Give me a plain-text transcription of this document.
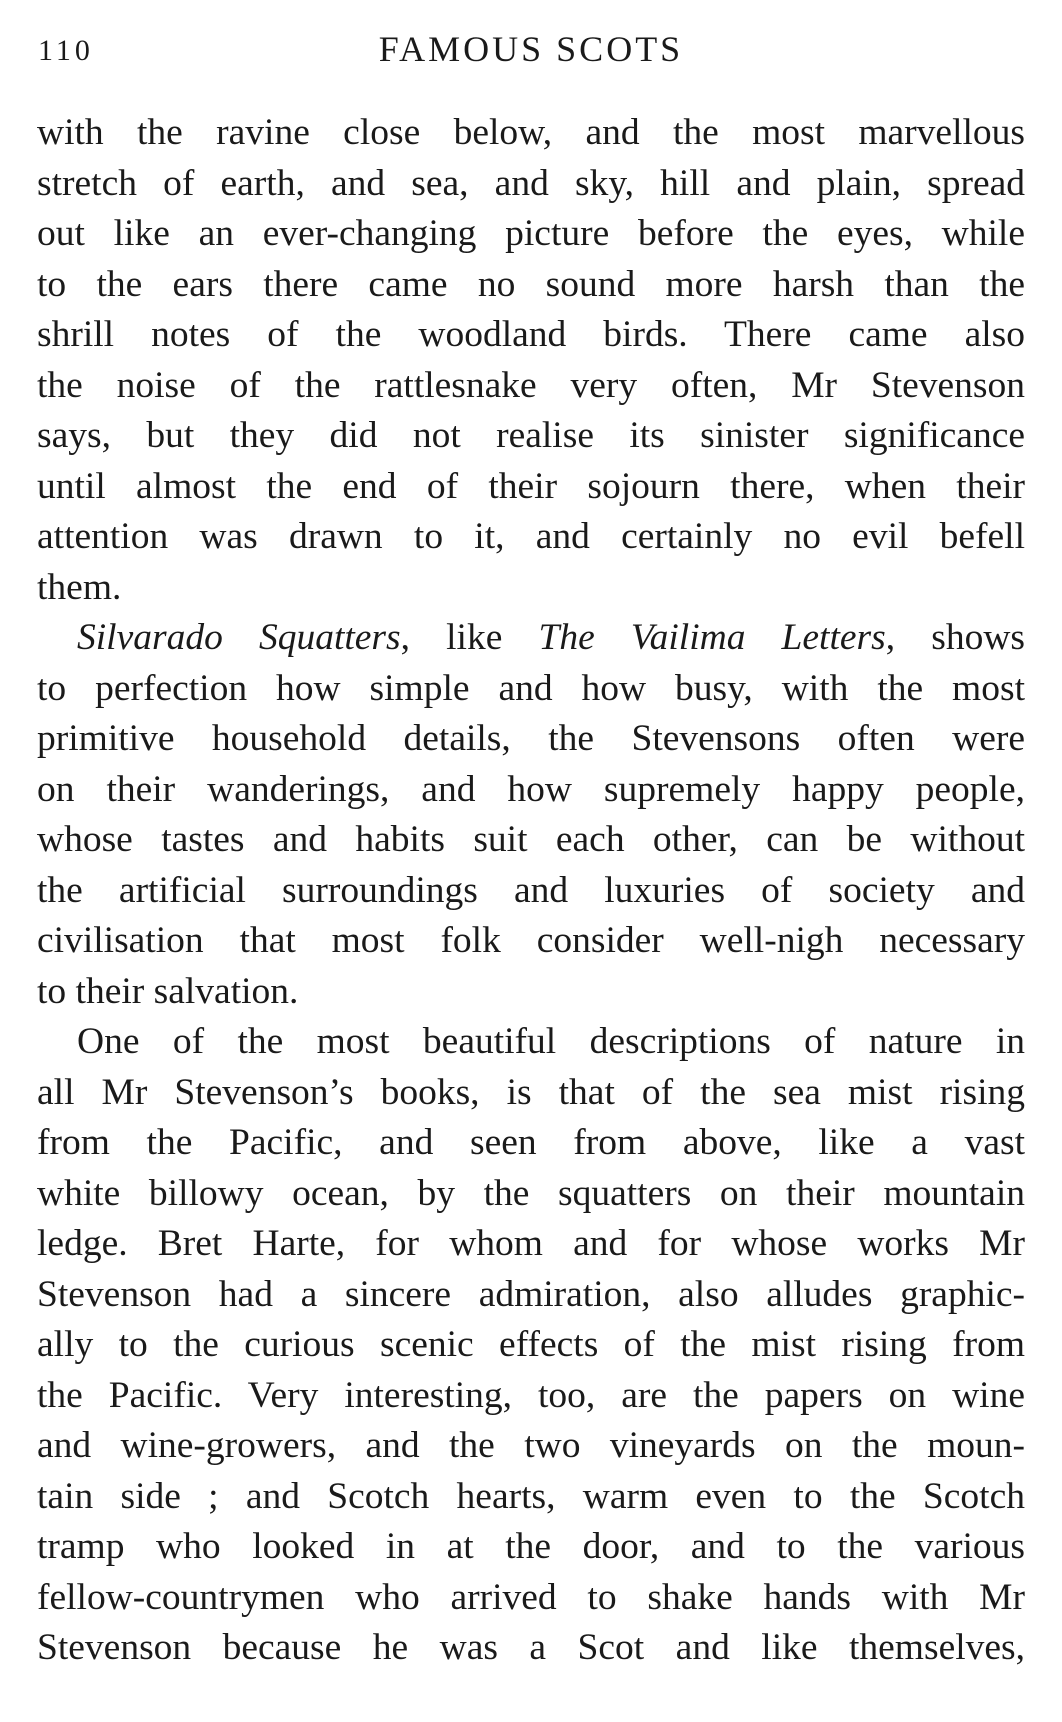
110	FAMOUS SCOTS
with the ravine close below, and the most marvellous
stretch of earth, and sea, and sky, hill and plain, spread
out like an ever-changing picture before the eyes, while
to the ears there came no sound more harsh than the
shrill notes of the woodland birds. There came also
the noise of the rattlesnake very often, Mr Stevenson
says, but they did not realise its sinister significance
until almost the end of their sojourn there, when their
attention was drawn to it, and certainly no evil befell
them.
Silvarado Squatters, like The Vailima Letters, shows
to perfection how simple and how busy, with the most
primitive household details, the Stevensons often were
on their wanderings, and how supremely happy people,
whose tastes and habits suit each other, can be without
the artificial surroundings and luxuries of society and
civilisation that most folk consider well-nigh necessary
to their salvation.
One of the most beautiful descriptions of nature in
all Mr Stevenson’s books, is that of the sea mist rising
from the Pacific, and seen from above, like a vast
white billowy ocean, by the squatters on their mountain
ledge. Bret Harte, for whom and for whose works Mr
Stevenson had a sincere admiration, also alludes graphic-
ally to the curious scenic effects of the mist rising from
the Pacific. Very interesting, too, are the papers on wine
and wine-growers, and the two vineyards on the moun-
tain side ; and Scotch hearts, warm even to the Scotch
tramp who looked in at the door, and to the various
fellow-countrymen who arrived to shake hands with Mr
Stevenson because he was a Scot and like themselves,
